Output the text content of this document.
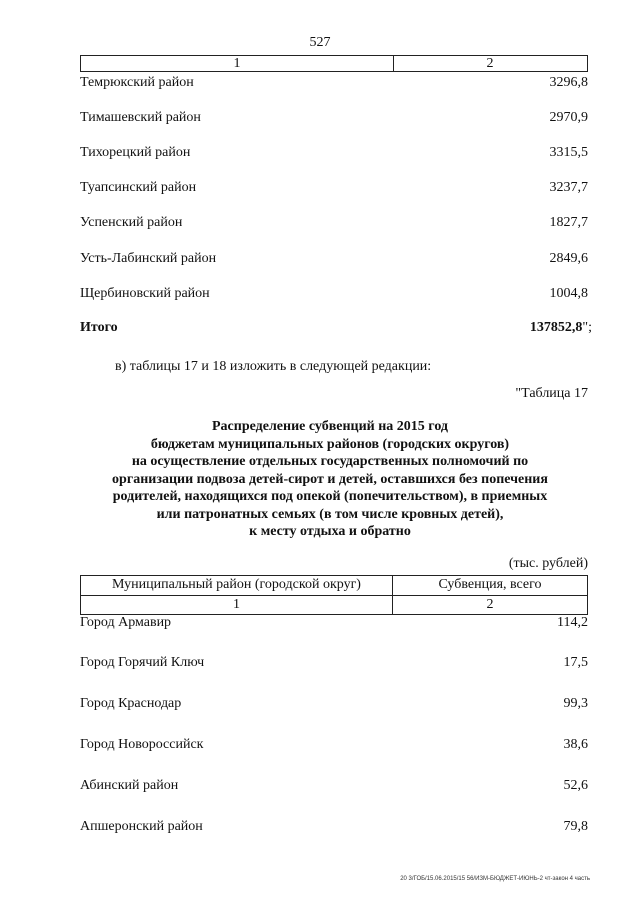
527
1	2
Темрюкский район	3296,8
Тимашевский район	2970,9
Тихорецкий район	3315,5
Туапсинский район	3237,7
Успенский район	1827,7
Усть-Лабинский район	2849,6
Щербиновский район	1004,8
Итого	137852,8";
в) таблицы 17 и 18 изложить в следующей редакции:
"Таблица 17
Распределение субвенций на 2015 год
бюджетам муниципальных районов (городских округов)
на осуществление отдельных государственных полномочий по
организации подвоза детей-сирот и детей, оставшихся без попечения
родителей, находящихся под опекой (попечительством), в приемных
или патронатных семьях (в том числе кровных детей),
к месту отдыха и обратно
(тыс. рублей)
Муниципальный район (городской округ)	Субвенция, всего
1	2
Город Армавир	114,2
Город Горячий Ключ	17,5
Город Краснодар	99,3
Город Новороссийск	38,6
Абинский район	52,6
Апшеронский район	79,8
20 3/ГОБ/15.06.2015/15 56/ИЗМ-БЮДЖЕТ-ИЮНЬ-2 чт-закон 4 часть
